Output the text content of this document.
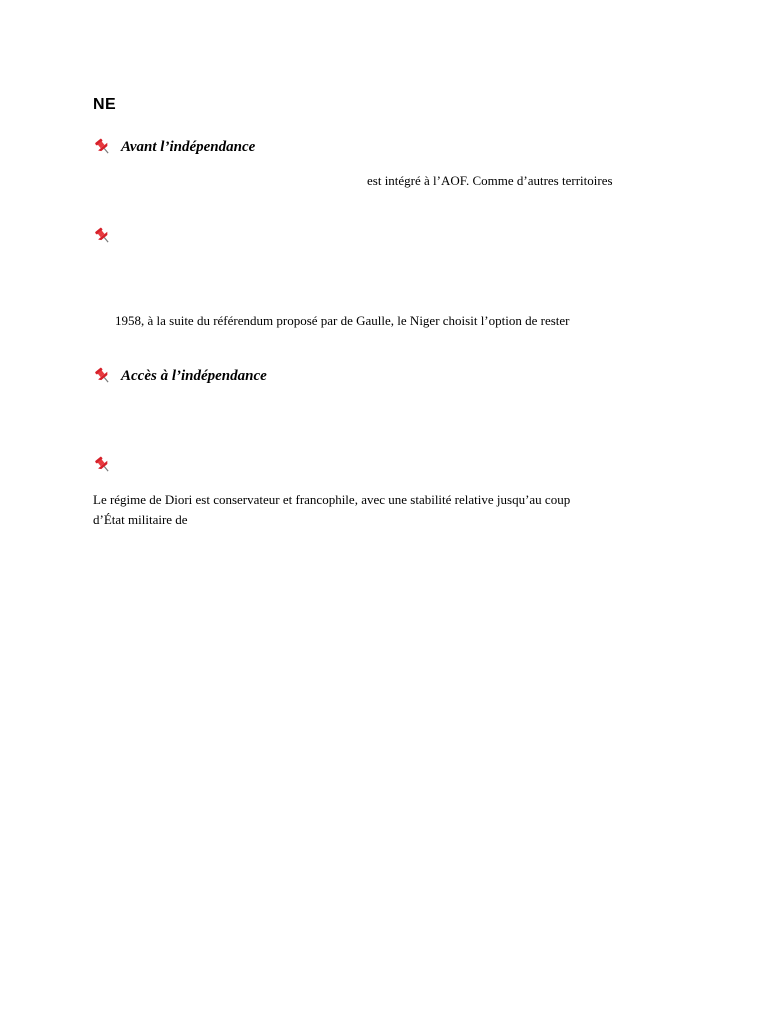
NE
Avant l’indépendance
est intégré à l’AOF. Comme d’autres territoires
1958, à la suite du référendum proposé par de Gaulle, le Niger choisit l’option de rester
Accès à l’indépendance
Le régime de Diori est conservateur et francophile, avec une stabilité relative jusqu’au coup
d’État militaire de
